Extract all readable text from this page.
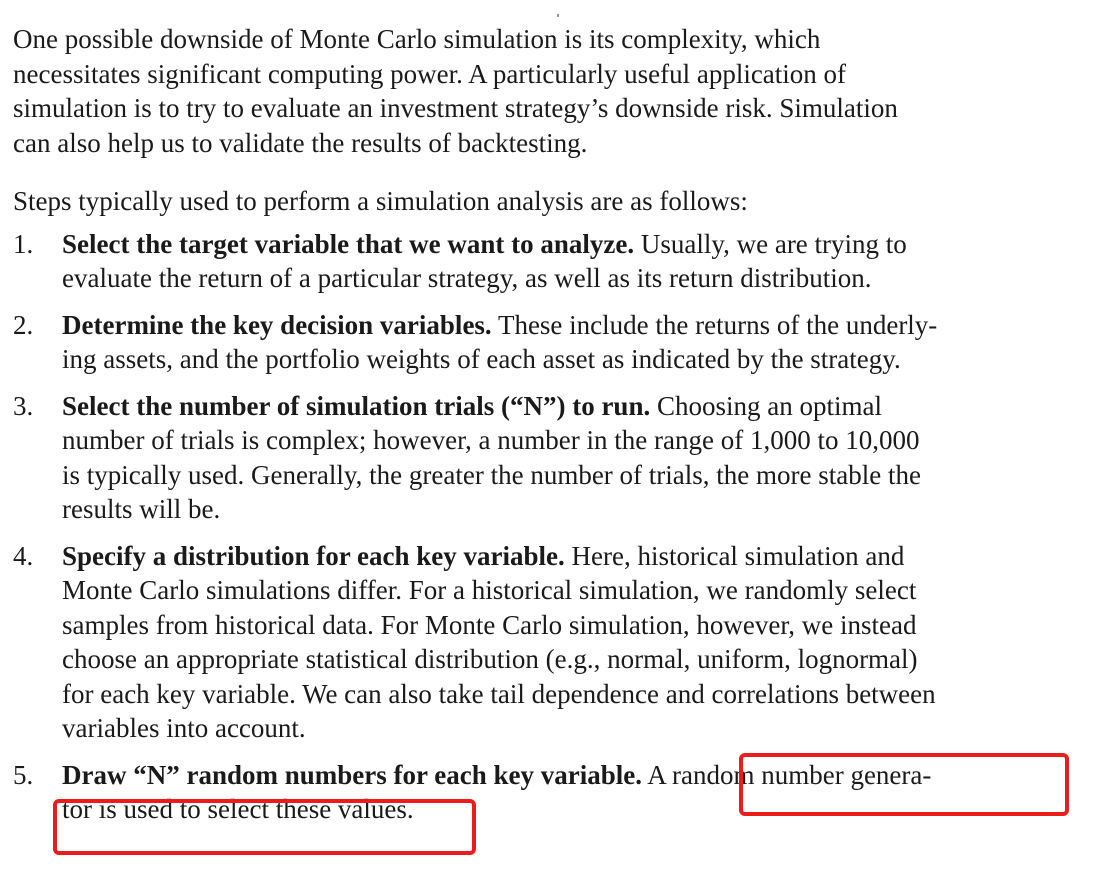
One possible downside of Monte Carlo simulation is its complexity, which
necessitates significant computing power. A particularly useful application of
simulation is to try to evaluate an investment strategy’s downside risk. Simulation
can also help us to validate the results of backtesting.

Steps typically used to perform a simulation analysis are as follows:

1. Select the target variable that we want to analyze. Usually, we are trying to
evaluate the return of a particular strategy, as well as its return distribution.
2. Determine the key decision variables. These include the returns of the underly-
ing assets, and the portfolio weights of each asset as indicated by the strategy.
3. Select the number of simulation trials (“N”) to run. Choosing an optimal
number of trials is complex; however, a number in the range of 1,000 to 10,000
is typically used. Generally, the greater the number of trials, the more stable the
results will be.
4. Specify a distribution for each key variable. Here, historical simulation and
Monte Carlo simulations differ. For a historical simulation, we randomly select
samples from historical data. For Monte Carlo simulation, however, we instead
choose an appropriate statistical distribution (e.g., normal, uniform, lognormal)
for each key variable. We can also take tail dependence and correlations between
variables into account.
5. Draw “N” random numbers for each key variable. A random number genera-
tor is used to select these values.
